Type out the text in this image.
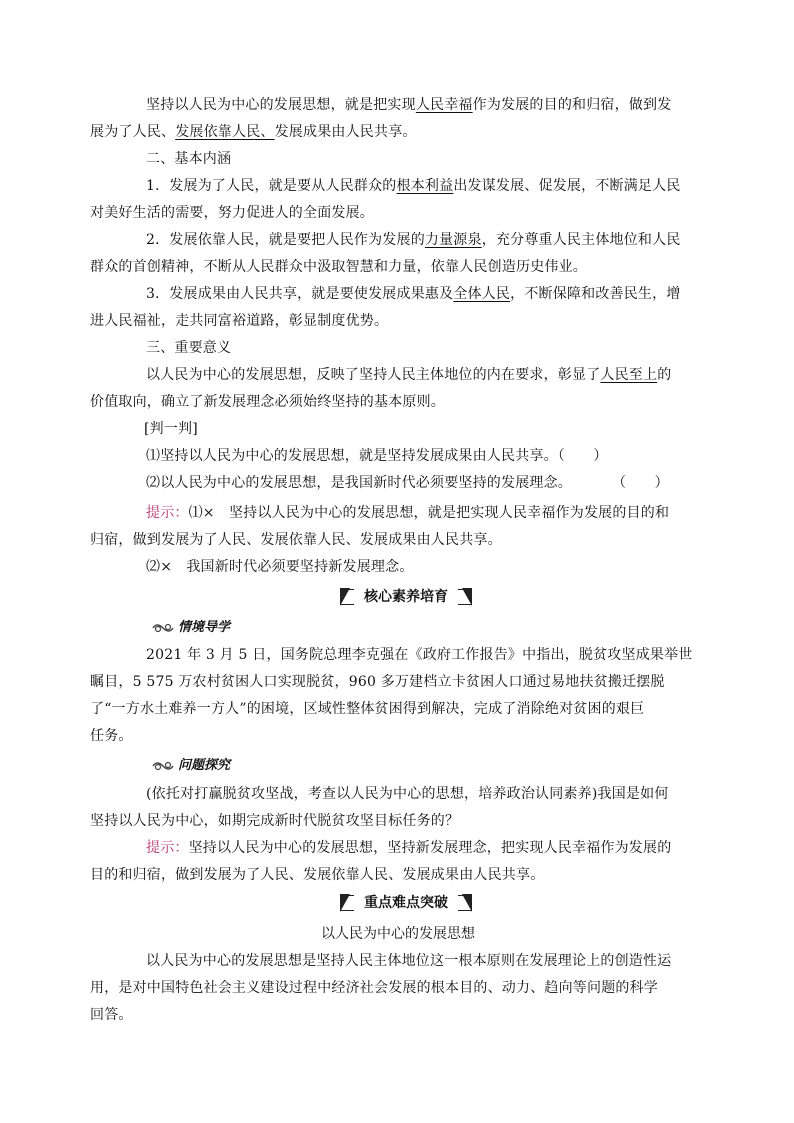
坚持以人民为中心的发展思想，就是把实现人民幸福作为发展的目的和归宿，做到发
展为了人民、发展依靠人民、发展成果由人民共享。
二、基本内涵
1．发展为了人民，就是要从人民群众的根本利益出发谋发展、促发展，不断满足人民
对美好生活的需要，努力促进人的全面发展。
2．发展依靠人民，就是要把人民作为发展的力量源泉，充分尊重人民主体地位和人民
群众的首创精神，不断从人民群众中汲取智慧和力量，依靠人民创造历史伟业。
3．发展成果由人民共享，就是要使发展成果惠及全体人民，不断保障和改善民生，增
进人民福祉，走共同富裕道路，彰显制度优势。
三、重要意义
以人民为中心的发展思想，反映了坚持人民主体地位的内在要求，彰显了人民至上的
价值取向，确立了新发展理念必须始终坚持的基本原则。
[判一判]
⑴坚持以人民为中心的发展思想，就是坚持发展成果由人民共享。（　　）
⑵以人民为中心的发展思想，是我国新时代必须要坚持的发展理念。	（　　）
提示：⑴×　坚持以人民为中心的发展思想，就是把实现人民幸福作为发展的目的和
归宿，做到发展为了人民、发展依靠人民、发展成果由人民共享。
⑵×　我国新时代必须要坚持新发展理念。
核心素养培育
情境导学
2021 年 3 月 5 日，国务院总理李克强在《政府工作报告》中指出，脱贫攻坚成果举世
瞩目，5 575 万农村贫困人口实现脱贫，960 多万建档立卡贫困人口通过易地扶贫搬迁摆脱
了“一方水土难养一方人”的困境，区域性整体贫困得到解决，完成了消除绝对贫困的艰巨
任务。
问题探究
(依托对打赢脱贫攻坚战，考查以人民为中心的思想，培养政治认同素养)我国是如何
坚持以人民为中心，如期完成新时代脱贫攻坚目标任务的？
提示：坚持以人民为中心的发展思想，坚持新发展理念，把实现人民幸福作为发展的
目的和归宿，做到发展为了人民、发展依靠人民、发展成果由人民共享。
重点难点突破
以人民为中心的发展思想
以人民为中心的发展思想是坚持人民主体地位这一根本原则在发展理论上的创造性运
用，是对中国特色社会主义建设过程中经济社会发展的根本目的、动力、趋向等问题的科学
回答。
